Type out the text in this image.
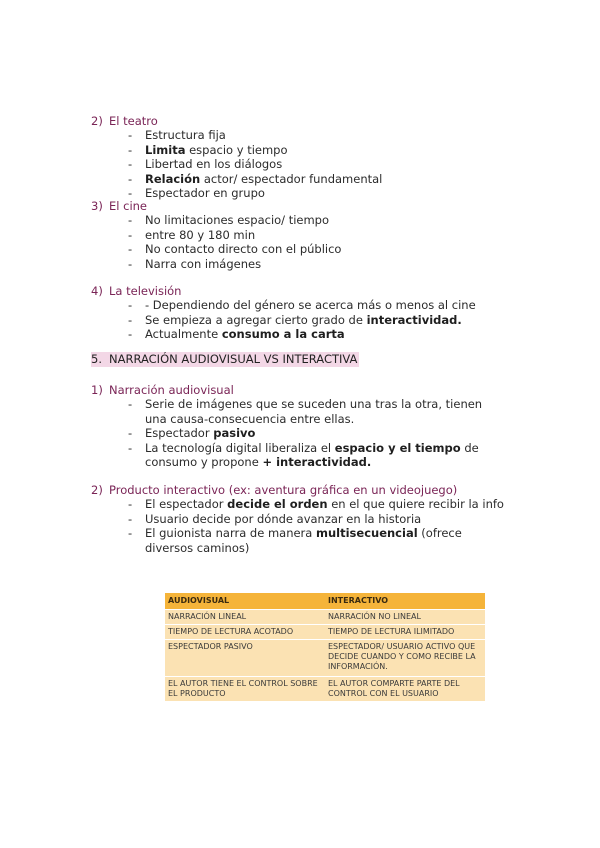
2) El teatro
- Estructura fija
- Limita espacio y tiempo
- Libertad en los diálogos
- Relación actor/ espectador fundamental
- Espectador en grupo
3) El cine
- No limitaciones espacio/ tiempo
- entre 80 y 180 min
- No contacto directo con el público
- Narra con imágenes
4) La televisión
- - Dependiendo del género se acerca más o menos al cine
- Se empieza a agregar cierto grado de interactividad.
- Actualmente consumo a la carta
5. NARRACIÓN AUDIOVISUAL VS INTERACTIVA
1) Narración audiovisual
- Serie de imágenes que se suceden una tras la otra, tienen una causa-consecuencia entre ellas.
- Espectador pasivo
- La tecnología digital liberaliza el espacio y el tiempo de consumo y propone + interactividad.
2) Producto interactivo (ex: aventura gráfica en un videojuego)
- El espectador decide el orden en el que quiere recibir la info
- Usuario decide por dónde avanzar en la historia
- El guionista narra de manera multisecuencial (ofrece diversos caminos)
AUDIOVISUAL	INTERACTIVO
NARRACIÓN LINEAL	NARRACIÓN NO LINEAL
TIEMPO DE LECTURA ACOTADO	TIEMPO DE LECTURA ILIMITADO
ESPECTADOR PASIVO	ESPECTADOR/ USUARIO ACTIVO QUE DECIDE CUANDO Y COMO RECIBE LA INFORMACIÓN.
EL AUTOR TIENE EL CONTROL SOBRE EL PRODUCTO	EL AUTOR COMPARTE PARTE DEL CONTROL CON EL USUARIO
